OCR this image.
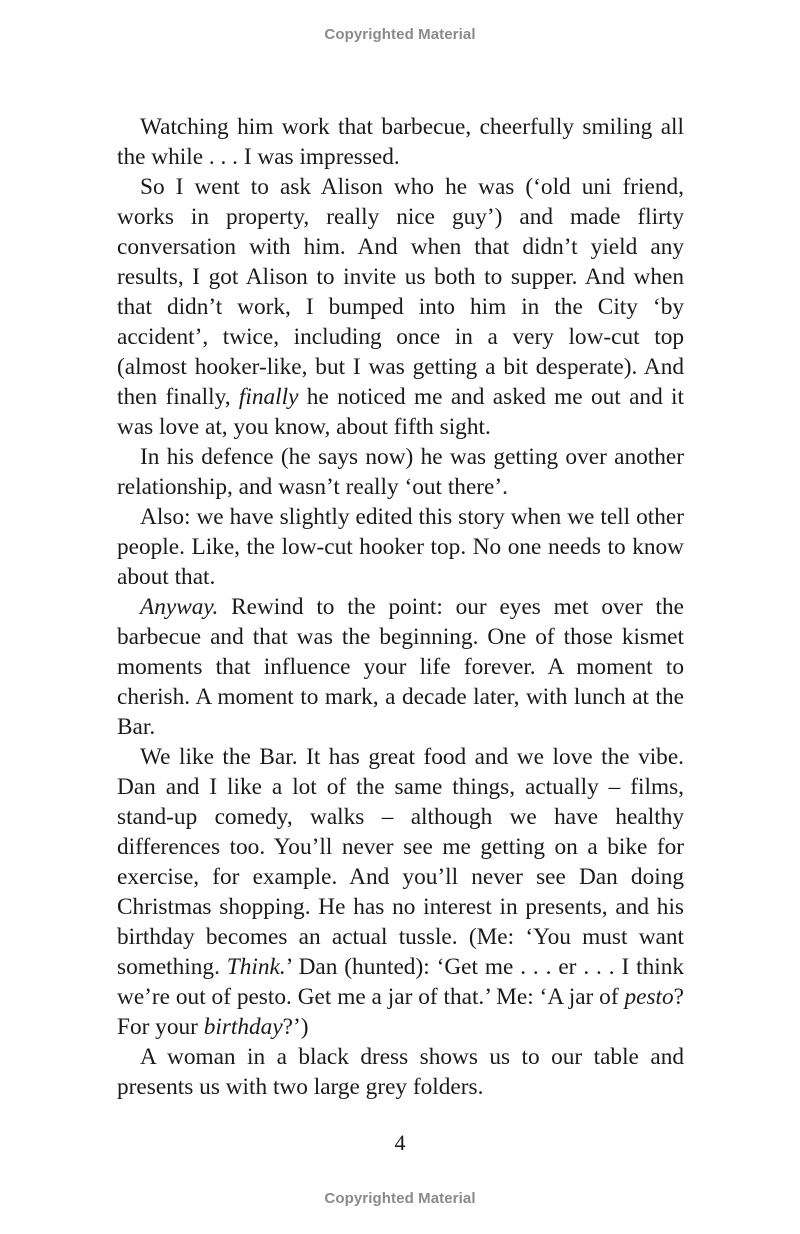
Copyrighted Material

Watching him work that barbecue, cheerfully smiling all the while . . . I was impressed.

So I went to ask Alison who he was (‘old uni friend, works in property, really nice guy’) and made flirty conversation with him. And when that didn’t yield any results, I got Alison to invite us both to supper. And when that didn’t work, I bumped into him in the City ‘by accident’, twice, including once in a very low-cut top (almost hooker-like, but I was getting a bit desperate). And then finally, finally he noticed me and asked me out and it was love at, you know, about fifth sight.

In his defence (he says now) he was getting over another relationship, and wasn’t really ‘out there’.

Also: we have slightly edited this story when we tell other people. Like, the low-cut hooker top. No one needs to know about that.

Anyway. Rewind to the point: our eyes met over the barbecue and that was the beginning. One of those kismet moments that influence your life forever. A moment to cherish. A moment to mark, a decade later, with lunch at the Bar.

We like the Bar. It has great food and we love the vibe. Dan and I like a lot of the same things, actually – films, stand-up comedy, walks – although we have healthy differences too. You’ll never see me getting on a bike for exercise, for example. And you’ll never see Dan doing Christmas shopping. He has no interest in presents, and his birthday becomes an actual tussle. (Me: ‘You must want something. Think.’ Dan (hunted): ‘Get me . . . er . . . I think we’re out of pesto. Get me a jar of that.’ Me: ‘A jar of pesto? For your birthday?’)

A woman in a black dress shows us to our table and presents us with two large grey folders.

4
Copyrighted Material
